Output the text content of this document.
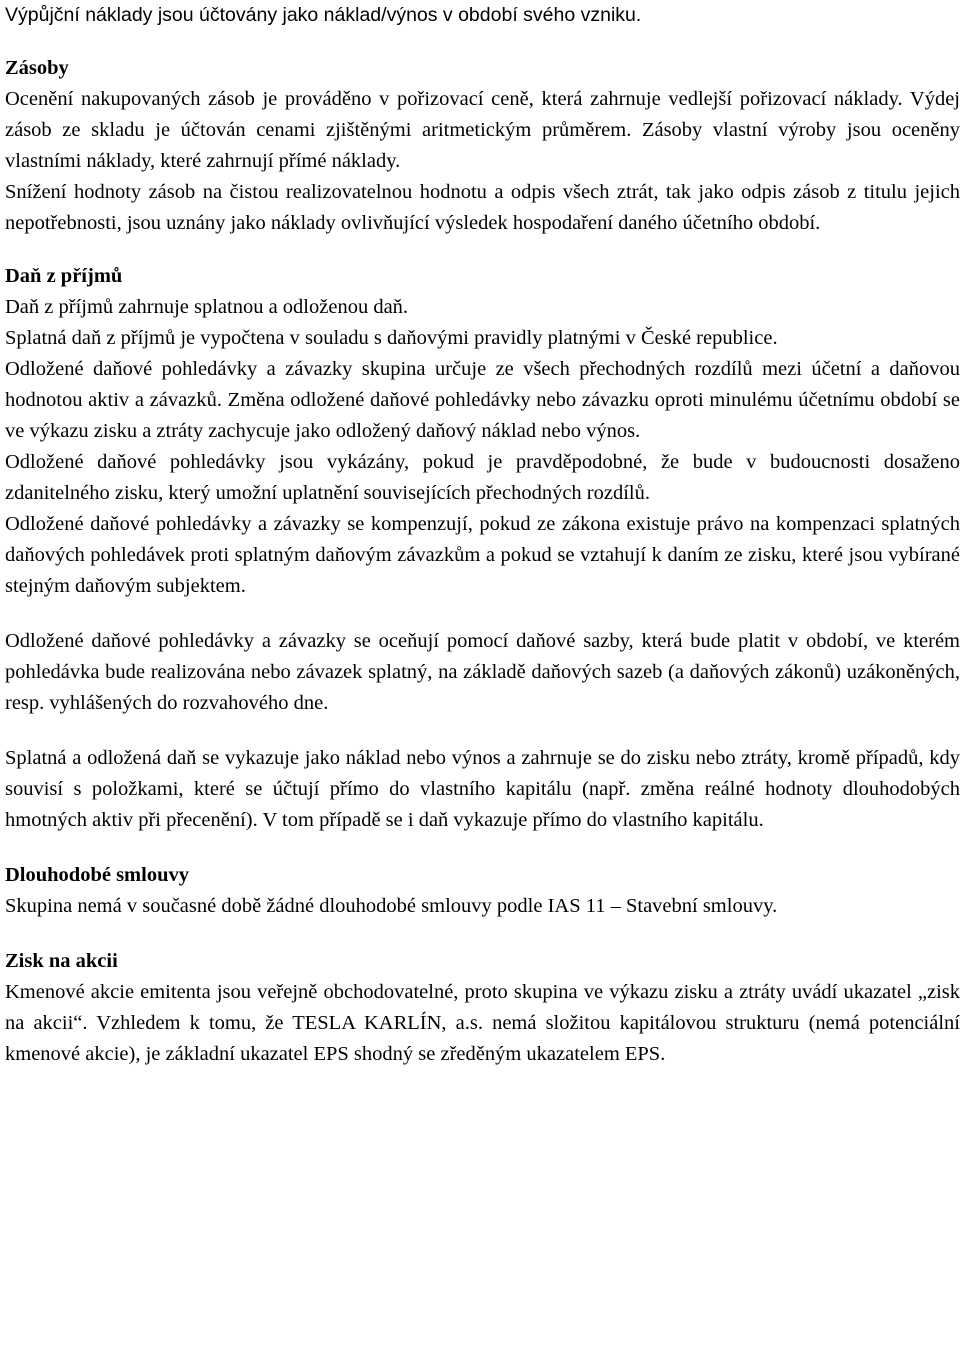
Výpůjční náklady jsou účtovány jako náklad/výnos v období svého vzniku.

Zásoby

Ocenění nakupovaných zásob je prováděno v pořizovací ceně, která zahrnuje vedlejší pořizovací náklady. Výdej zásob ze skladu je účtován cenami zjištěnými aritmetickým průměrem. Zásoby vlastní výroby jsou oceněny vlastními náklady, které zahrnují přímé náklady.

Snížení hodnoty zásob na čistou realizovatelnou hodnotu a odpis všech ztrát, tak jako odpis zásob z titulu jejich nepotřebnosti, jsou uznány jako náklady ovlivňující výsledek hospodaření daného účetního období.

Daň z příjmů

Daň z příjmů zahrnuje splatnou a odloženou daň.

Splatná daň z příjmů je vypočtena v souladu s daňovými pravidly platnými v České republice.

Odložené daňové pohledávky a závazky skupina určuje ze všech přechodných rozdílů mezi účetní a daňovou hodnotou aktiv a závazků. Změna odložené daňové pohledávky nebo závazku oproti minulému účetnímu období se ve výkazu zisku a ztráty zachycuje jako odložený daňový náklad nebo výnos.

Odložené daňové pohledávky jsou vykázány, pokud je pravděpodobné, že bude v budoucnosti dosaženo zdanitelného zisku, který umožní uplatnění souvisejících přechodných rozdílů.

Odložené daňové pohledávky a závazky se kompenzují, pokud ze zákona existuje právo na kompenzaci splatných daňových pohledávek proti splatným daňovým závazkům a pokud se vztahují k daním ze zisku, které jsou vybírané stejným daňovým subjektem.

Odložené daňové pohledávky a závazky se oceňují pomocí daňové sazby, která bude platit v období, ve kterém pohledávka bude realizována nebo závazek splatný, na základě daňových sazeb (a daňových zákonů) uzákoněných, resp. vyhlášených do rozvahového dne.

Splatná a odložená daň se vykazuje jako náklad nebo výnos a zahrnuje se do zisku nebo ztráty, kromě případů, kdy souvisí s položkami, které se účtují přímo do vlastního kapitálu (např. změna reálné hodnoty dlouhodobých hmotných aktiv při přecenění). V tom případě se i daň vykazuje přímo do vlastního kapitálu.

Dlouhodobé smlouvy

Skupina nemá v současné době žádné dlouhodobé smlouvy podle IAS 11 – Stavební smlouvy.

Zisk na akcii

Kmenové akcie emitenta jsou veřejně obchodovatelné, proto skupina ve výkazu zisku a ztráty uvádí ukazatel „zisk na akcii“. Vzhledem k tomu, že TESLA KARLÍN, a.s. nemá složitou kapitálovou strukturu (nemá potenciální kmenové akcie), je základní ukazatel EPS shodný se zředěným ukazatelem EPS.
